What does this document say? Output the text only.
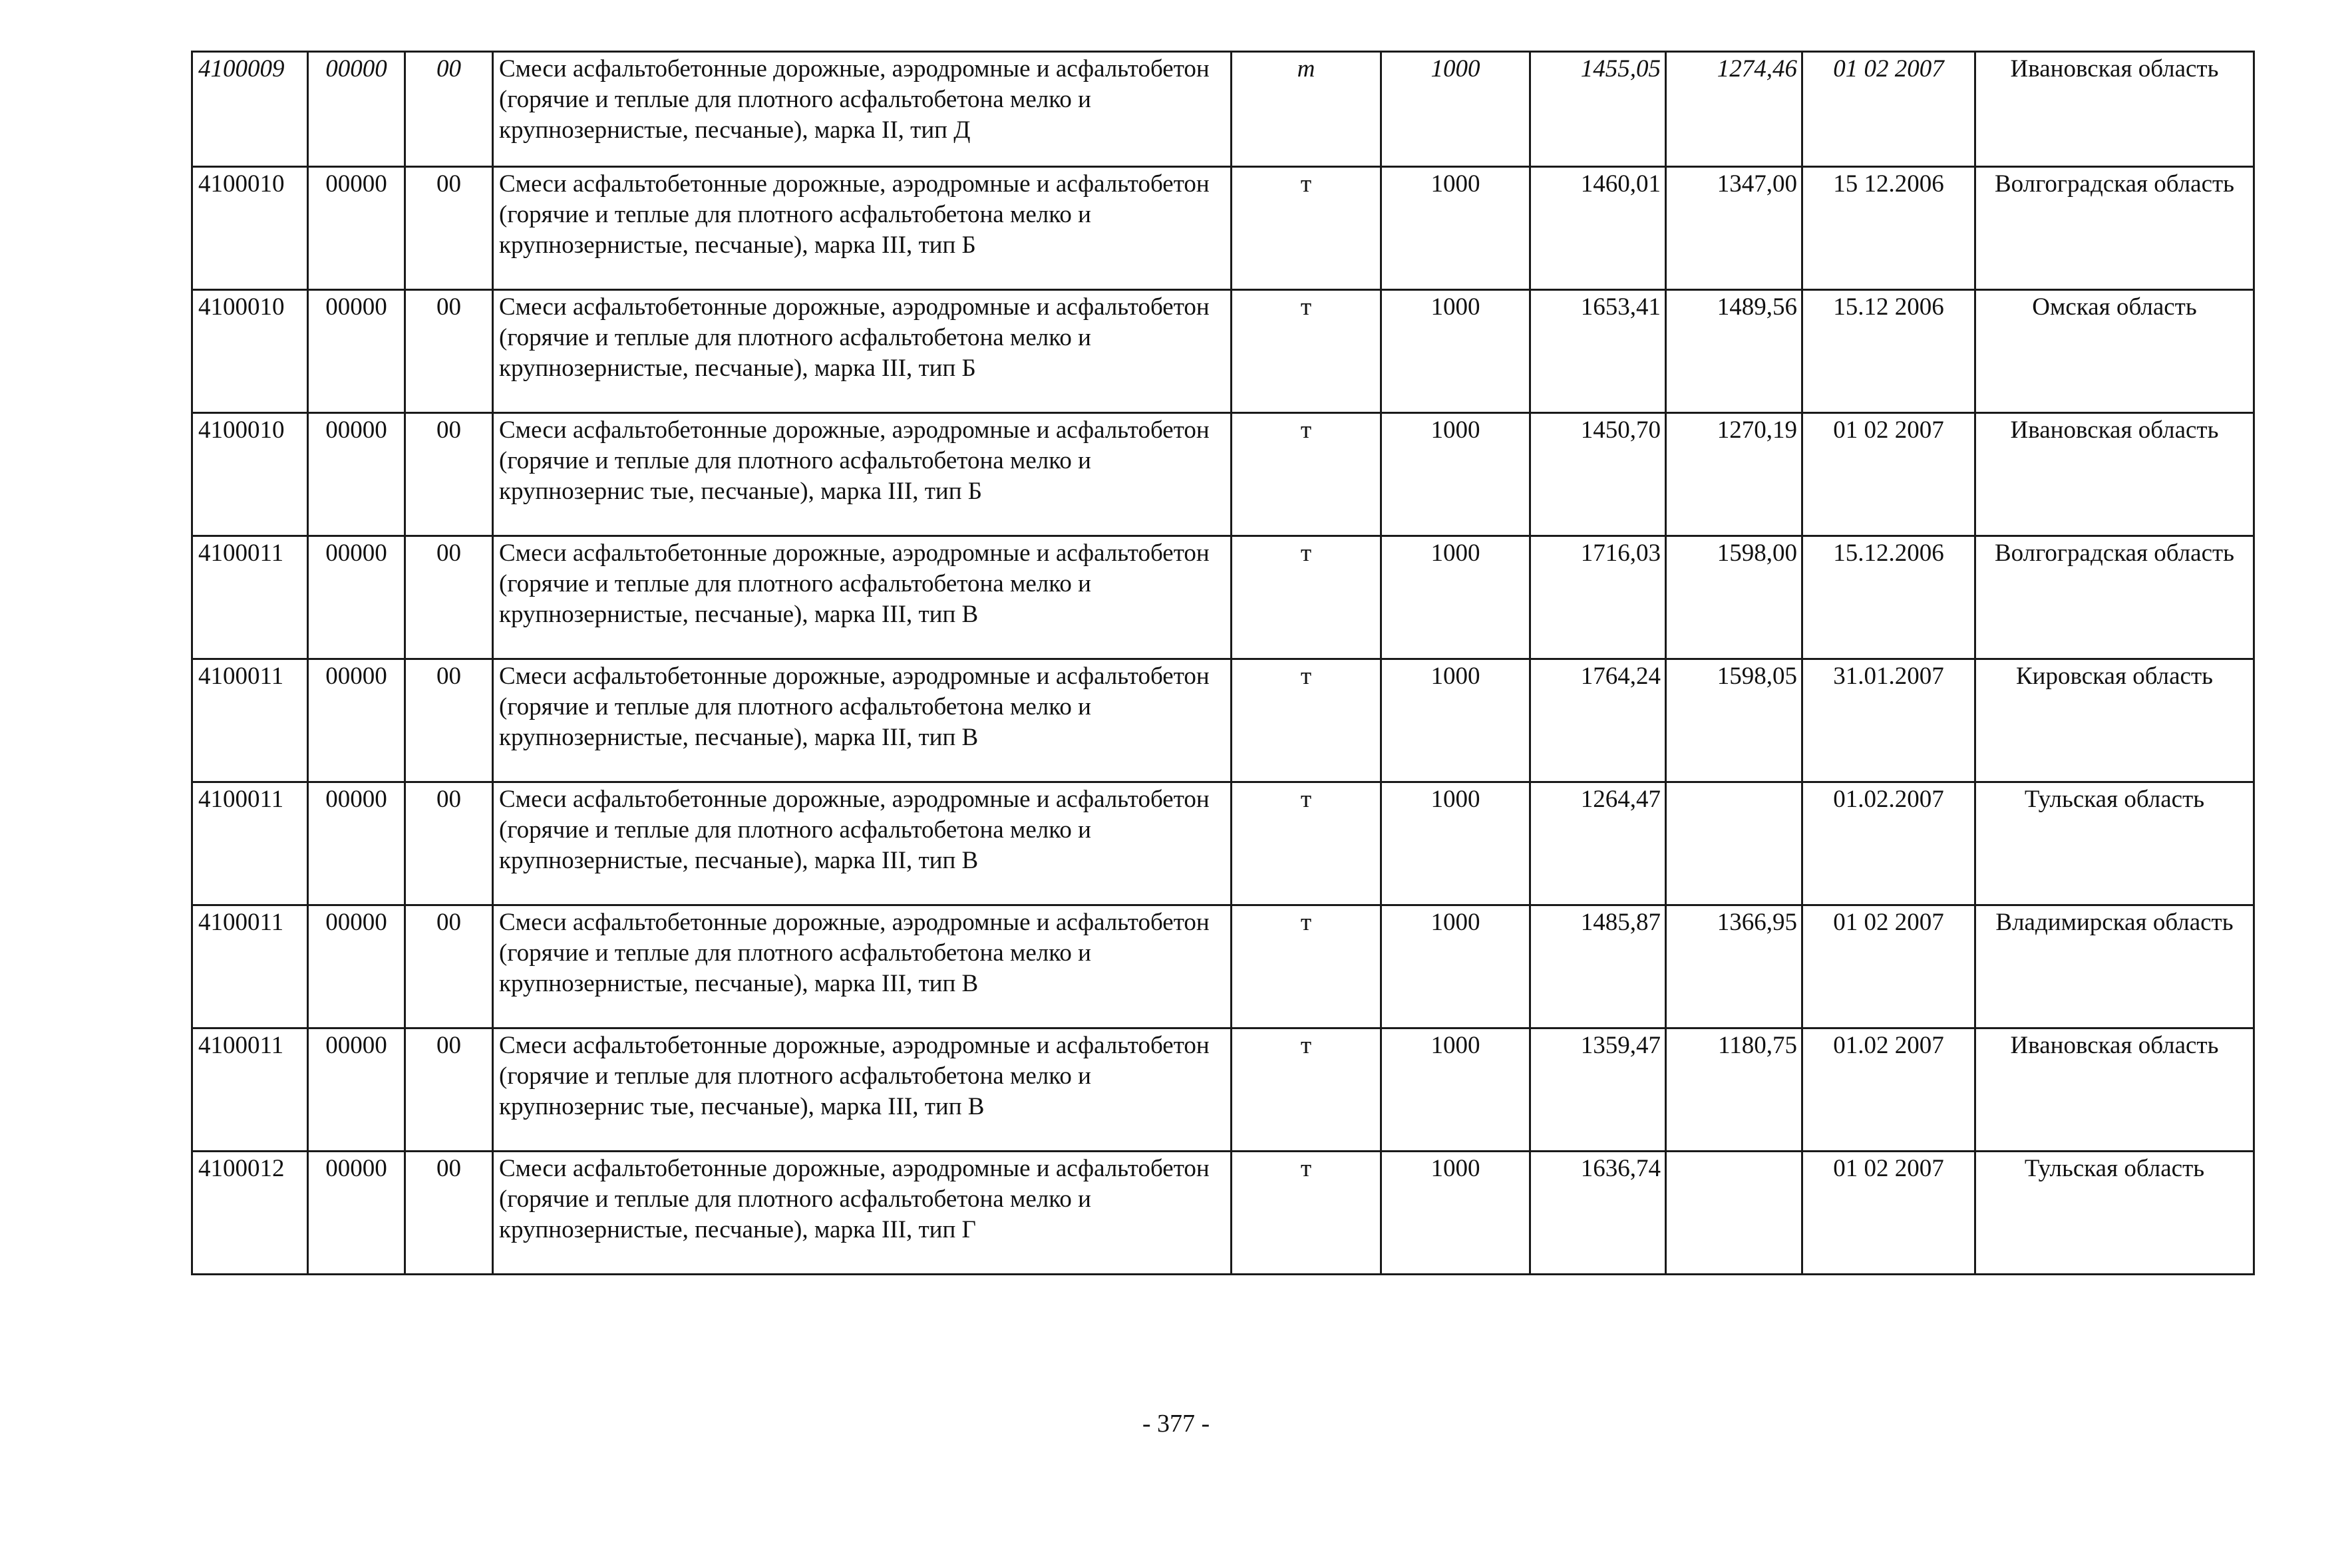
4100009	00000	00	Смеси асфальтобетонные дорожные, аэродромные и асфальтобетон (горячие и теплые для плотного асфальтобетона мелко и крупнозернистые, песчаные), марка II, тип Д	т	1000	1455,05	1274,46	01 02 2007	Ивановская область
4100010	00000	00	Смеси асфальтобетонные дорожные, аэродромные и асфальтобетон (горячие и теплые для плотного асфальтобетона мелко и крупнозернистые, песчаные), марка III, тип Б	т	1000	1460,01	1347,00	15 12.2006	Волгоградская область
4100010	00000	00	Смеси асфальтобетонные дорожные, аэродромные и асфальтобетон (горячие и теплые для плотного асфальтобетона мелко и крупнозернистые, песчаные), марка III, тип Б	т	1000	1653,41	1489,56	15.12 2006	Омская область
4100010	00000	00	Смеси асфальтобетонные дорожные, аэродромные и асфальтобетон (горячие и теплые для плотного асфальтобетона мелко и крупнозернис тые, песчаные), марка III, тип Б	т	1000	1450,70	1270,19	01 02 2007	Ивановская область
4100011	00000	00	Смеси асфальтобетонные дорожные, аэродромные и асфальтобетон (горячие и теплые для плотного асфальтобетона мелко и крупнозернистые, песчаные), марка III, тип В	т	1000	1716,03	1598,00	15.12.2006	Волгоградская область
4100011	00000	00	Смеси асфальтобетонные дорожные, аэродромные и асфальтобетон (горячие и теплые для плотного асфальтобетона мелко и крупнозернистые, песчаные), марка III, тип В	т	1000	1764,24	1598,05	31.01.2007	Кировская область
4100011	00000	00	Смеси асфальтобетонные дорожные, аэродромные и асфальтобетон (горячие и теплые для плотного асфальтобетона мелко и крупнозернистые, песчаные), марка III, тип В	т	1000	1264,47		01.02.2007	Тульская область
4100011	00000	00	Смеси асфальтобетонные дорожные, аэродромные и асфальтобетон (горячие и теплые для плотного асфальтобетона мелко и крупнозернистые, песчаные), марка III, тип В	т	1000	1485,87	1366,95	01 02 2007	Владимирская область
4100011	00000	00	Смеси асфальтобетонные дорожные, аэродромные и асфальтобетон (горячие и теплые для плотного асфальтобетона мелко и крупнозернис тые, песчаные), марка III, тип В	т	1000	1359,47	1180,75	01.02 2007	Ивановская область
4100012	00000	00	Смеси асфальтобетонные дорожные, аэродромные и асфальтобетон (горячие и теплые для плотного асфальтобетона мелко и крупнозернистые, песчаные), марка III, тип Г	т	1000	1636,74		01 02 2007	Тульская область
- 377 -
